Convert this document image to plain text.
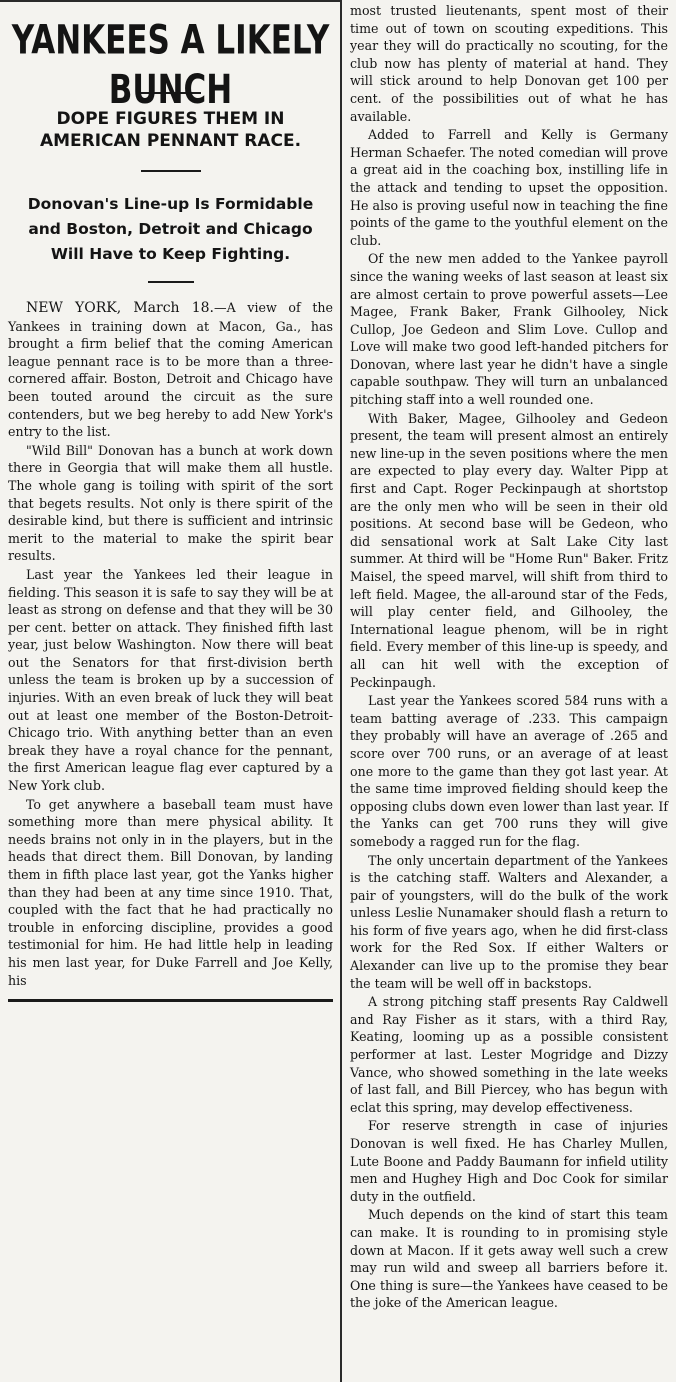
YANKEES A LIKELY BUNCH
DOPE FIGURES THEM IN AMERICAN PENNANT RACE.
Donovan's Line-up Is Formidable and Boston, Detroit and Chicago Will Have to Keep Fighting.

NEW YORK, March 18.—A view of the Yankees in training down at Macon, Ga., has brought a firm belief that the coming American league pennant race is to be more than a three-cornered affair. Boston, Detroit and Chicago have been touted around the circuit as the sure contenders, but we beg hereby to add New York's entry to the list.

"Wild Bill" Donovan has a bunch at work down there in Georgia that will make them all hustle. The whole gang is toiling with spirit of the sort that begets results. Not only is there spirit of the desirable kind, but there is sufficient and intrinsic merit to the material to make the spirit bear results.

Last year the Yankees led their league in fielding. This season it is safe to say they will be at least as strong on defense and that they will be 30 per cent. better on attack. They finished fifth last year, just below Washington. Now there will beat out the Senators for that first-division berth unless the team is broken up by a succession of injuries. With an even break of luck they will beat out at least one member of the Boston-Detroit-Chicago trio. With anything better than an even break they have a royal chance for the pennant, the first American league flag ever captured by a New York club.

To get anywhere a baseball team must have something more than mere physical ability. It needs brains not only in in the players, but in the heads that direct them. Bill Donovan, by landing them in fifth place last year, got the Yanks higher than they had been at any time since 1910. That, coupled with the fact that he had practically no trouble in enforcing discipline, provides a good testimonial for him. He had little help in leading his men last year, for Duke Farrell and Joe Kelly, his

most trusted lieutenants, spent most of their time out of town on scouting expeditions. This year they will do practically no scouting, for the club now has plenty of material at hand. They will stick around to help Donovan get 100 per cent. of the possibilities out of what he has available.

Added to Farrell and Kelly is Germany Herman Schaefer. The noted comedian will prove a great aid in the coaching box, instilling life in the attack and tending to upset the opposition. He also is proving useful now in teaching the fine points of the game to the youthful element on the club.

Of the new men added to the Yankee payroll since the waning weeks of last season at least six are almost certain to prove powerful assets—Lee Magee, Frank Baker, Frank Gilhooley, Nick Cullop, Joe Gedeon and Slim Love. Cullop and Love will make two good left-handed pitchers for Donovan, where last year he didn't have a single capable southpaw. They will turn an unbalanced pitching staff into a well rounded one.

With Baker, Magee, Gilhooley and Gedeon present, the team will present almost an entirely new line-up in the seven positions where the men are expected to play every day. Walter Pipp at first and Capt. Roger Peckinpaugh at shortstop are the only men who will be seen in their old positions. At second base will be Gedeon, who did sensational work at Salt Lake City last summer. At third will be "Home Run" Baker. Fritz Maisel, the speed marvel, will shift from third to left field. Magee, the all-around star of the Feds, will play center field, and Gilhooley, the International league phenom, will be in right field. Every member of this line-up is speedy, and all can hit well with the exception of Peckinpaugh.

Last year the Yankees scored 584 runs with a team batting average of .233. This campaign they probably will have an average of .265 and score over 700 runs, or an average of at least one more to the game than they got last year. At the same time improved fielding should keep the opposing clubs down even lower than last year. If the Yanks can get 700 runs they will give somebody a ragged run for the flag.

The only uncertain department of the Yankees is the catching staff. Walters and Alexander, a pair of youngsters, will do the bulk of the work unless Leslie Nunamaker should flash a return to his form of five years ago, when he did first-class work for the Red Sox. If either Walters or Alexander can live up to the promise they bear the team will be well off in backstops.

A strong pitching staff presents Ray Caldwell and Ray Fisher as it stars, with a third Ray, Keating, looming up as a possible consistent performer at last. Lester Mogridge and Dizzy Vance, who showed something in the late weeks of last fall, and Bill Piercey, who has begun with eclat this spring, may develop effectiveness.

For reserve strength in case of injuries Donovan is well fixed. He has Charley Mullen, Lute Boone and Paddy Baumann for infield utility men and Hughey High and Doc Cook for similar duty in the outfield.

Much depends on the kind of start this team can make. It is rounding to in promising style down at Macon. If it gets away well such a crew may run wild and sweep all barriers before it. One thing is sure—the Yankees have ceased to be the joke of the American league.
